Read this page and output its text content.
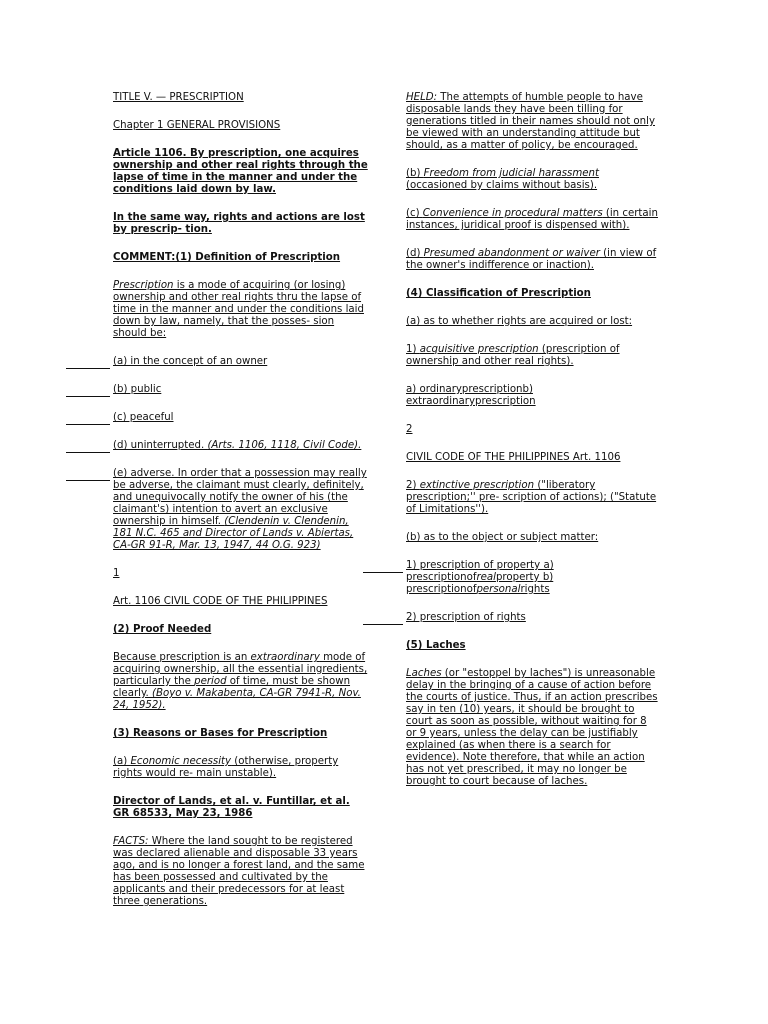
TITLE V. — PRESCRIPTION

Chapter 1 GENERAL PROVISIONS

Article 1106. By prescription, one acquires ownership and other real rights through the lapse of time in the manner and under the conditions laid down by law.

In the same way, rights and actions are lost by prescrip- tion.

COMMENT:(1) Definition of Prescription

Prescription is a mode of acquiring (or losing) ownership and other real rights thru the lapse of time in the manner and under the conditions laid down by law, namely, that the posses- sion should be:

(a) in the concept of an owner

(b) public

(c) peaceful

(d) uninterrupted. (Arts. 1106, 1118, Civil Code).

(e) adverse. In order that a possession may really be adverse, the claimant must clearly, definitely, and unequivocally notify the owner of his (the claimant's) intention to avert an exclusive ownership in himself. (Clendenin v. Clendenin, 181 N.C. 465 and Director of Lands v. Abiertas, CA-GR 91-R, Mar. 13, 1947, 44 O.G. 923)

1

Art. 1106 CIVIL CODE OF THE PHILIPPINES

(2) Proof Needed

Because prescription is an extraordinary mode of acquiring ownership, all the essential ingredients, particularly the period of time, must be shown clearly. (Boyo v. Makabenta, CA-GR 7941-R, Nov. 24, 1952).

(3) Reasons or Bases for Prescription

(a) Economic necessity (otherwise, property rights would re- main unstable).

Director of Lands, et al. v. Funtillar, et al. GR 68533, May 23, 1986

FACTS: Where the land sought to be registered was declared alienable and disposable 33 years ago, and is no longer a forest land, and the same has been possessed and cultivated by the applicants and their predecessors for at least three generations.

HELD: The attempts of humble people to have disposable lands they have been tilling for generations titled in their names should not only be viewed with an understanding attitude but should, as a matter of policy, be encouraged.

(b) Freedom from judicial harassment
(occasioned by claims without basis).

(c) Convenience in procedural matters (in certain instances, juridical proof is dispensed with).

(d) Presumed abandonment or waiver (in view of the owner's indifference or inaction).

(4) Classification of Prescription

(a) as to whether rights are acquired or lost:

1) acquisitive prescription (prescription of ownership and other real rights).

a) ordinaryprescriptionb) extraordinaryprescription

2

CIVIL CODE OF THE PHILIPPINES Art. 1106

2) extinctive prescription ("liberatory prescription;'' pre- scription of actions); ("Statute of Limitations'').

(b) as to the object or subject matter:

1) prescription of property a) prescriptionofrealproperty b) prescriptionofpersonalrights

2) prescription of rights

(5) Laches

Laches (or "estoppel by laches") is unreasonable delay in the bringing of a cause of action before the courts of justice. Thus, if an action prescribes say in ten (10) years, it should be brought to court as soon as possible, without waiting for 8 or 9 years, unless the delay can be justifiably explained (as when there is a search for evidence). Note therefore, that while an action has not yet prescribed, it may no longer be brought to court because of laches.
